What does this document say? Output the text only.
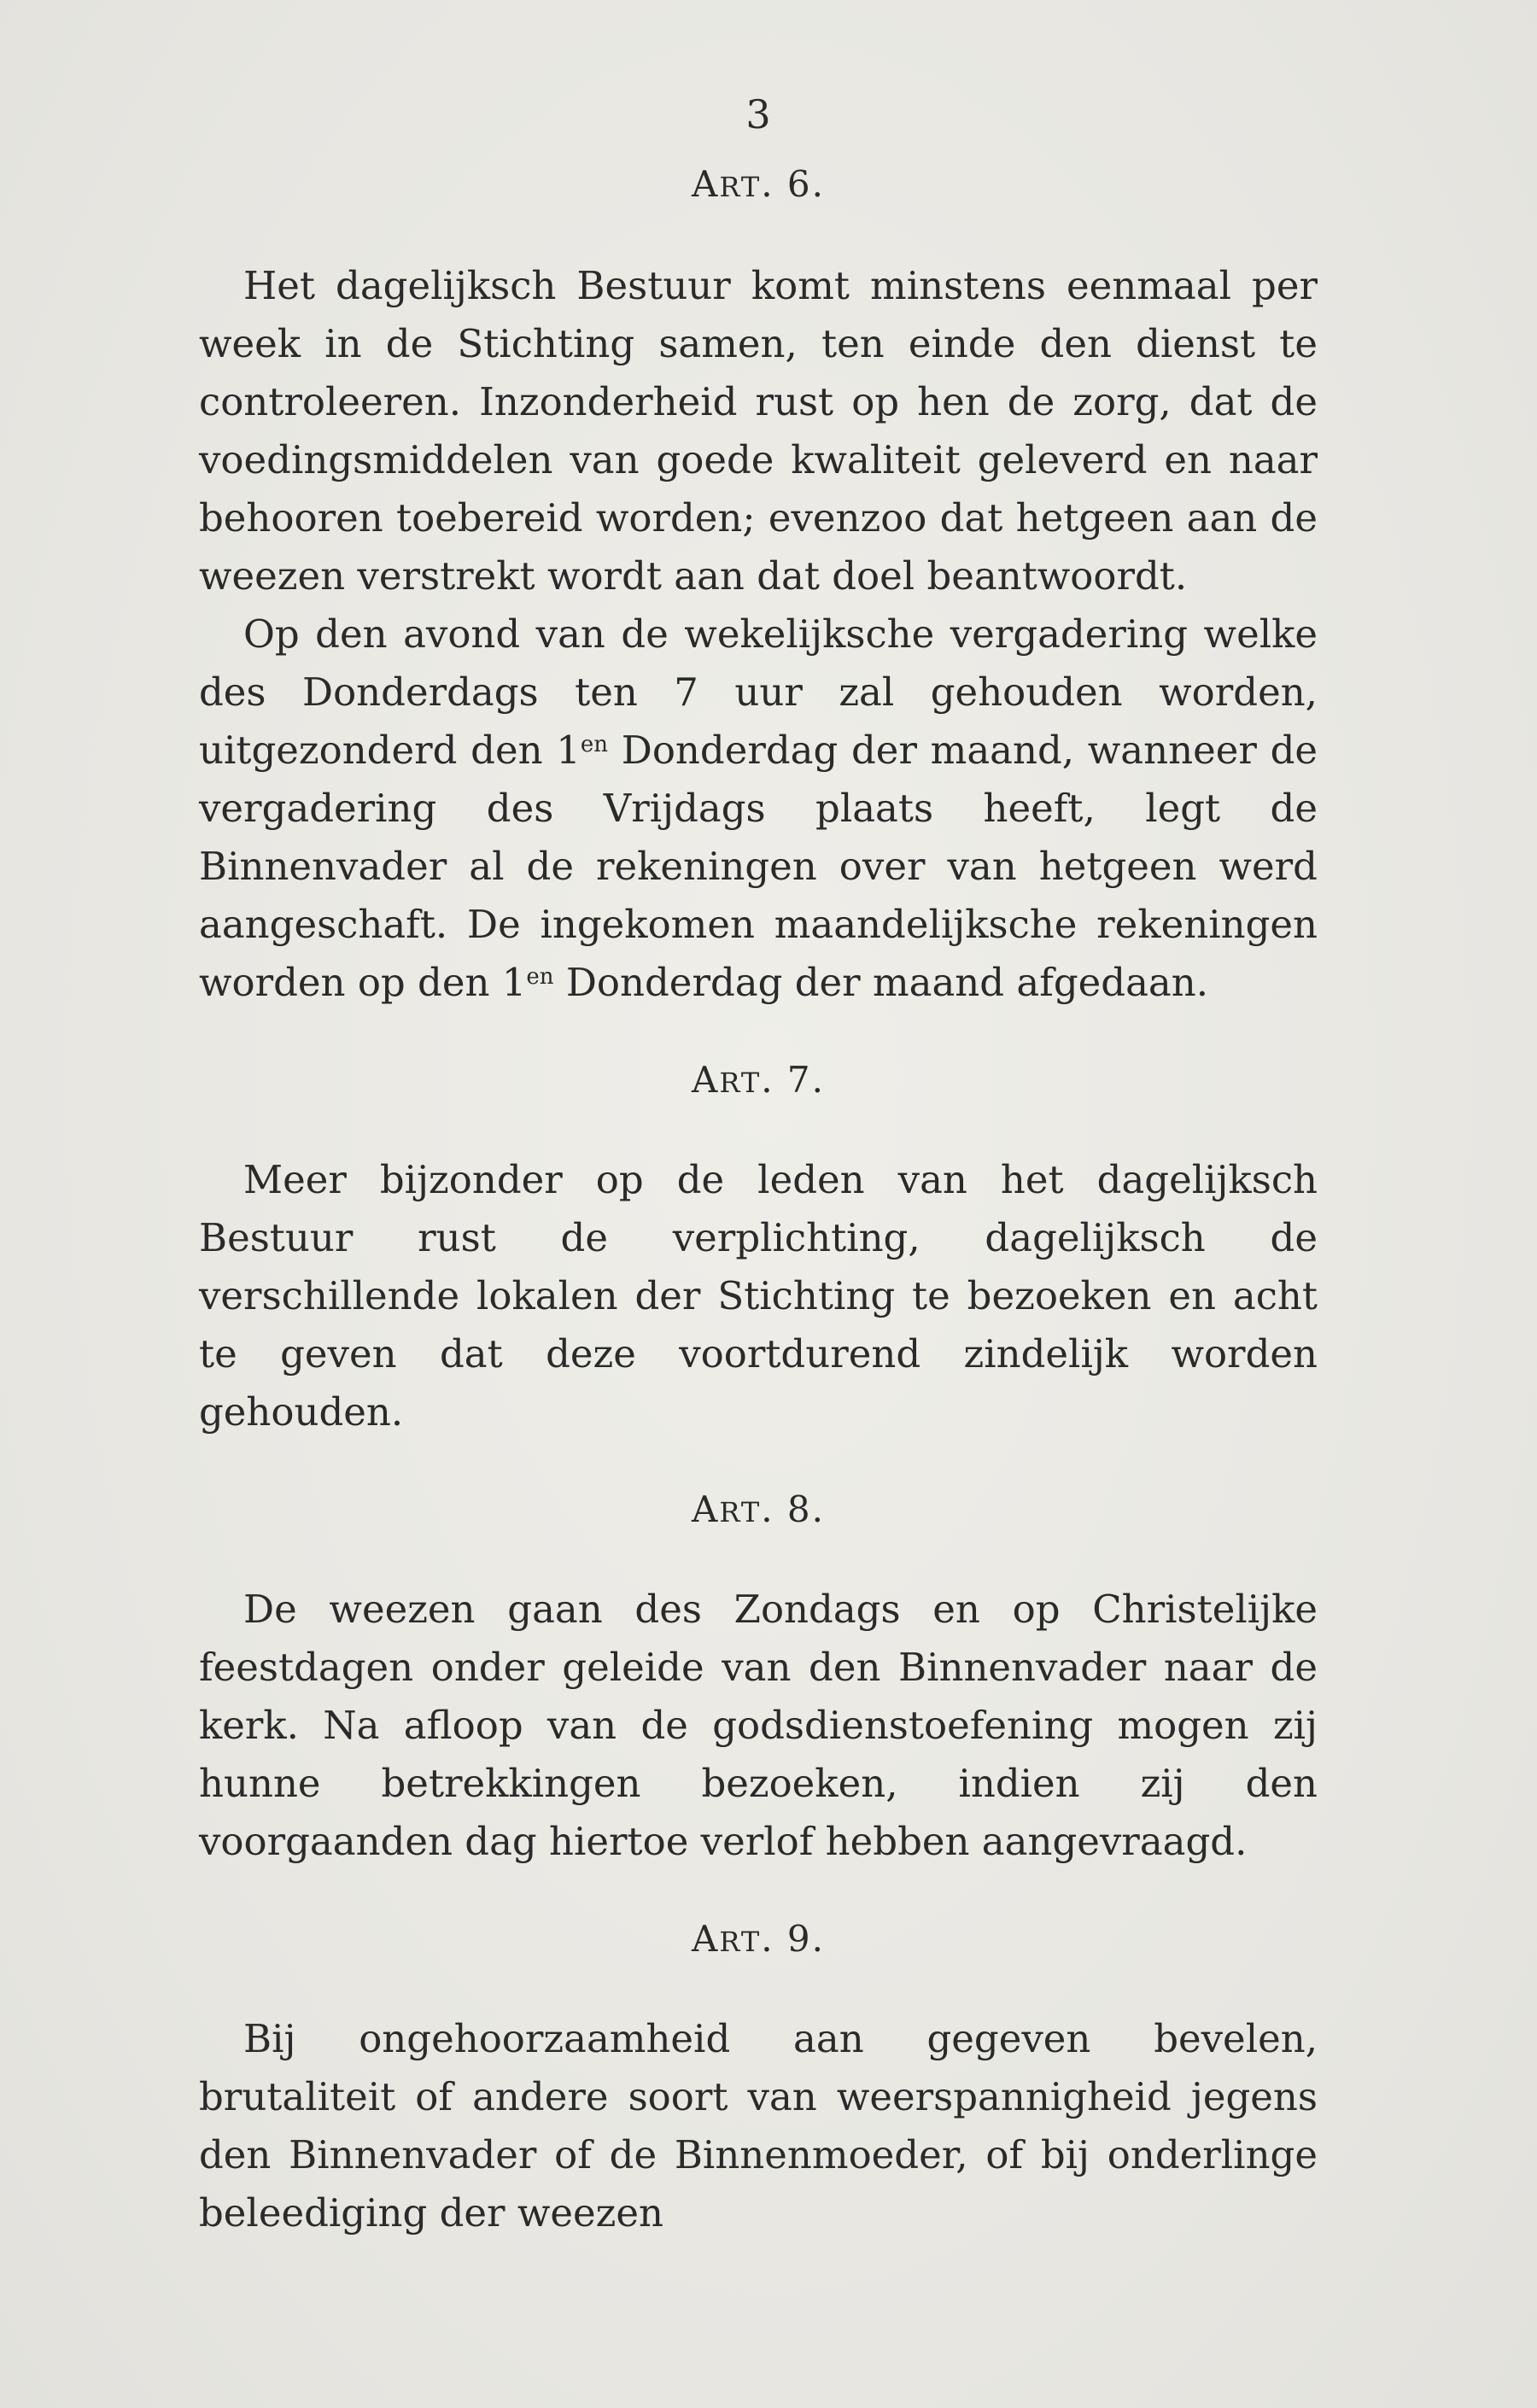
3
ART. 6.

Het dagelijksch Bestuur komt minstens eenmaal per week in de Stichting samen, ten einde den dienst te controleeren. Inzonderheid rust op hen de zorg, dat de voedingsmiddelen van goede kwaliteit geleverd en naar behooren toebereid worden; evenzoo dat hetgeen aan de weezen verstrekt wordt aan dat doel beantwoordt.

Op den avond van de wekelijksche vergadering welke des Donderdags ten 7 uur zal gehouden worden, uitgezonderd den $1^{en}$ Donderdag der maand, wanneer de vergadering des Vrijdags plaats heeft, legt de Binnenvader al de rekeningen over van hetgeen werd aangeschaft. De ingekomen maandelijksche rekeningen worden op den $1^{en}$ Donderdag der maand afgedaan.

ART. 7.

Meer bijzonder op de leden van het dagelijksch Bestuur rust de verplichting, dagelijksch de verschillende lokalen der Stichting te bezoeken en acht te geven dat deze voortdurend zindelijk worden gehouden.

ART. 8.

De weezen gaan des Zondags en op Christelijke feestdagen onder geleide van den Binnenvader naar de kerk. Na afloop van de godsdienstoefening mogen zij hunne betrekkingen bezoeken, indien zij den voorgaanden dag hiertoe verlof hebben aangevraagd.

ART. 9.

Bij ongehoorzaamheid aan gegeven bevelen, brutaliteit of andere soort van weerspannigheid jegens den Binnenvader of de Binnenmoeder, of bij onderlinge beleediging der weezen
